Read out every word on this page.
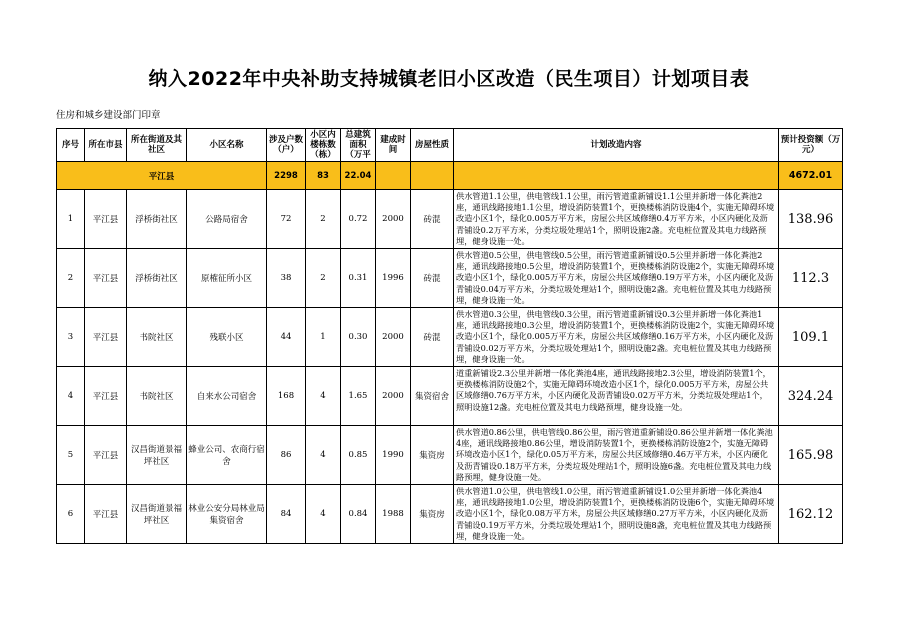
纳入2022年中央补助支持城镇老旧小区改造（民生项目）计划项目表
住房和城乡建设部门印章
序号	所在市县	所在街道及其社区	小区名称	涉及户数（户）	小区内楼栋数（栋）	总建筑面积（万平	建成时间	房屋性质	计划改造内容	预计投资额（万元）
平江县				2298	83	22.04				4672.01
1	平江县	浮桥街社区	公路局宿舍	72	2	0.72	2000	砖混	供水管道1.1公里，供电管线1.1公里，雨污管道重新铺设1.1公里并新增一体化粪池2座，通讯线路接地1.1公里，增设消防装置1个，更换楼栋消防设施4个，实施无障碍环境改造小区1个，绿化0.005万平方米，房屋公共区域修缮0.4万平方米，小区内硬化及沥青铺设0.2万平方米，分类垃圾处理站1个，照明设施2盏。充电桩位置及其电力线路预埋，健身设施一处。	138.96
2	平江县	浮桥街社区	原榷征所小区	38	2	0.31	1996	砖混	供水管道0.5公里，供电管线0.5公里，雨污管道重新铺设0.5公里并新增一体化粪池2座，通讯线路接地0.5公里，增设消防装置1个，更换楼栋消防设施2个，实施无障碍环境改造小区1个，绿化0.005万平方米，房屋公共区域修缮0.19万平方米，小区内硬化及沥青铺设0.04万平方米，分类垃圾处理站1个，照明设施2盏。充电桩位置及其电力线路预埋，健身设施一处。	112.3
3	平江县	书院社区	残联小区	44	1	0.30	2000	砖混	供水管道0.3公里，供电管线0.3公里，雨污管道重新铺设0.3公里并新增一体化粪池1座，通讯线路接地0.3公里，增设消防装置1个，更换楼栋消防设施2个，实施无障碍环境改造小区1个，绿化0.005万平方米，房屋公共区域修缮0.16万平方米，小区内硬化及沥青铺设0.02万平方米，分类垃圾处理站1个，照明设施2盏。充电桩位置及其电力线路预埋，健身设施一处。	109.1
4	平江县	书院社区	自来水公司宿舍	168	4	1.65	2000	集资宿舍	道重新铺设2.3公里并新增一体化粪池4座，通讯线路接地2.3公里，增设消防装置1个，更换楼栋消防设施2个，实施无障碍环境改造小区1个，绿化0.005万平方米，房屋公共区域修缮0.76万平方米，小区内硬化及沥青铺设0.02万平方米，分类垃圾处理站1个，照明设施12盏。充电桩位置及其电力线路预埋，健身设施一处。	324.24
5	平江县	汉昌街道景福坪社区	蜂业公司、农商行宿舍	86	4	0.85	1990	集资房	供水管道0.86公里，供电管线0.86公里，雨污管道重新铺设0.86公里并新增一体化粪池4座，通讯线路接地0.86公里，增设消防装置1个，更换楼栋消防设施2个，实施无障碍环境改造小区1个，绿化0.05万平方米，房屋公共区域修缮0.46万平方米，小区内硬化及沥青铺设0.18万平方米，分类垃圾处理站1个，照明设施6盏。充电桩位置及其电力线路预埋，健身设施一处。	165.98
6	平江县	汉昌街道景福坪社区	林业公安分局林业局集资宿舍	84	4	0.84	1988	集资房	供水管道1.0公里，供电管线1.0公里，雨污管道重新铺设1.0公里并新增一体化粪池4座，通讯线路接地1.0公里，增设消防装置1个，更换楼栋消防设施6个，实施无障碍环境改造小区1个，绿化0.08万平方米，房屋公共区域修缮0.27万平方米，小区内硬化及沥青铺设0.19万平方米，分类垃圾处理站1个，照明设施8盏，充电桩位置及其电力线路预埋，健身设施一处。	162.12
